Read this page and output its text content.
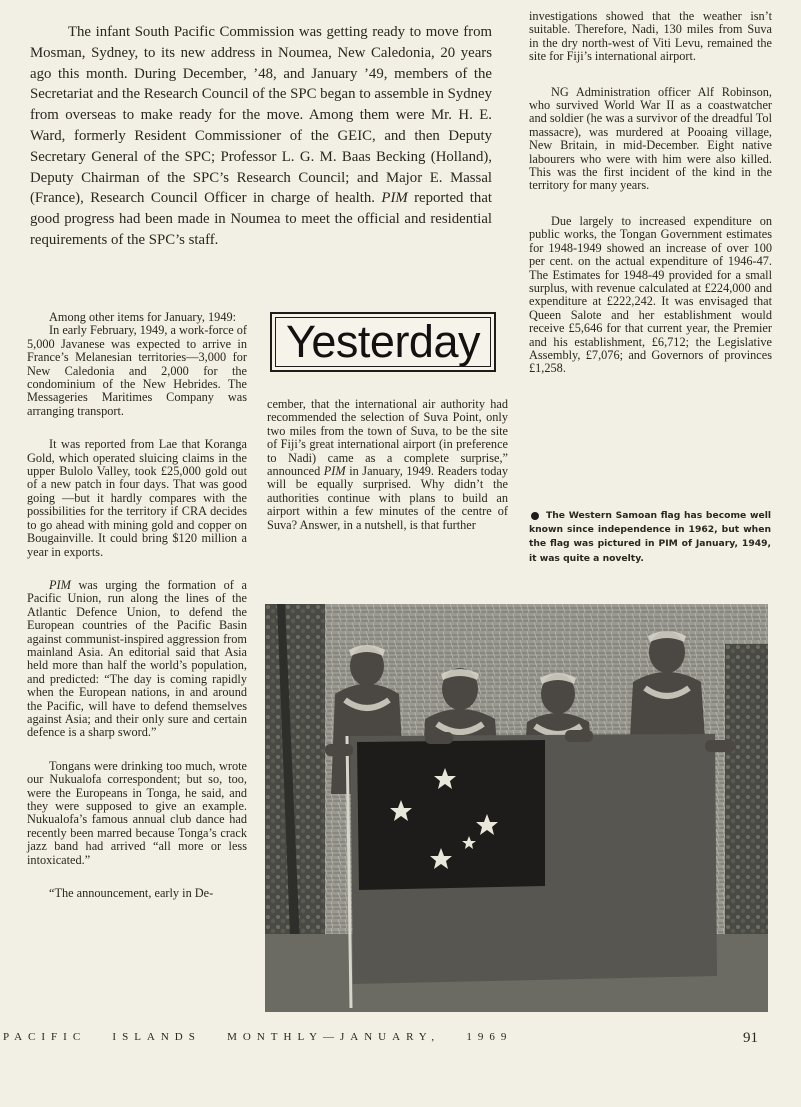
The infant South Pacific Commission was getting ready to move from Mosman, Sydney, to its new address in Noumea, New Caledonia, 20 years ago this month. During December, ’48, and January ’49, members of the Secretariat and the Research Council of the SPC began to assemble in Sydney from overseas to make ready for the move. Among them were Mr. H. E. Ward, formerly Resident Commissioner of the GEIC, and then Deputy Secretary General of the SPC; Professor L. G. M. Baas Becking (Holland), Deputy Chairman of the SPC’s Research Council; and Major E. Massal (France), Research Council Officer in charge of health. PIM reported that good progress had been made in Noumea to meet the official and residential requirements of the SPC’s staff.

Yesterday

Among other items for January, 1949:

In early February, 1949, a work-force of 5,000 Javanese was expected to arrive in France’s Melanesian territories—3,000 for New Caledonia and 2,000 for the condominium of the New Hebrides. The Messageries Maritimes Company was arranging transport.

It was reported from Lae that Koranga Gold, which operated sluicing claims in the upper Bulolo Valley, took £25,000 gold out of a new patch in four days. That was good going —but it hardly compares with the possibilities for the territory if CRA decides to go ahead with mining gold and copper on Bougainville. It could bring $120 million a year in exports.

PIM was urging the formation of a Pacific Union, run along the lines of the Atlantic Defence Union, to defend the European countries of the Pacific Basin against communist-inspired aggression from mainland Asia. An editorial said that Asia held more than half the world’s population, and predicted: “The day is coming rapidly when the European nations, in and around the Pacific, will have to defend themselves against Asia; and their only sure and certain defence is a sharp sword.”

Tongans were drinking too much, wrote our Nukualofa correspondent; but so, too, were the Europeans in Tonga, he said, and they were supposed to give an example. Nukualofa’s famous annual club dance had recently been marred because Tonga’s crack jazz band had arrived “all more or less intoxicated.”

“The announcement, early in De-

cember, that the international air authority had recommended the selection of Suva Point, only two miles from the town of Suva, to be the site of Fiji’s great international airport (in preference to Nadi) came as a complete surprise,” announced PIM in January, 1949. Readers today will be equally surprised. Why didn’t the authorities continue with plans to build an airport within a few minutes of the centre of Suva? Answer, in a nutshell, is that further

investigations showed that the weather isn’t suitable. Therefore, Nadi, 130 miles from Suva in the dry north-west of Viti Levu, remained the site for Fiji’s international airport.

NG Administration officer Alf Robinson, who survived World War II as a coastwatcher and soldier (he was a survivor of the dreadful Tol massacre), was murdered at Pooaing village, New Britain, in mid-December. Eight native labourers who were with him were also killed. This was the first incident of the kind in the territory for many years.

Due largely to increased expenditure on public works, the Tongan Government estimates for 1948-1949 showed an increase of over 100 per cent. on the actual expenditure of 1946-47. The Estimates for 1948-49 provided for a small surplus, with revenue calculated at £224,000 and expenditure at £222,242. It was envisaged that Queen Salote and her establishment would receive £5,646 for that current year, the Premier and his establishment, £6,712; the Legislative Assembly, £7,076; and Governors of provinces £1,258.

The Western Samoan flag has become well known since independence in 1962, but when the flag was pictured in PIM of January, 1949, it was quite a novelty.
PACIFIC   ISLANDS   MONTHLY—JANUARY,   1969	91
